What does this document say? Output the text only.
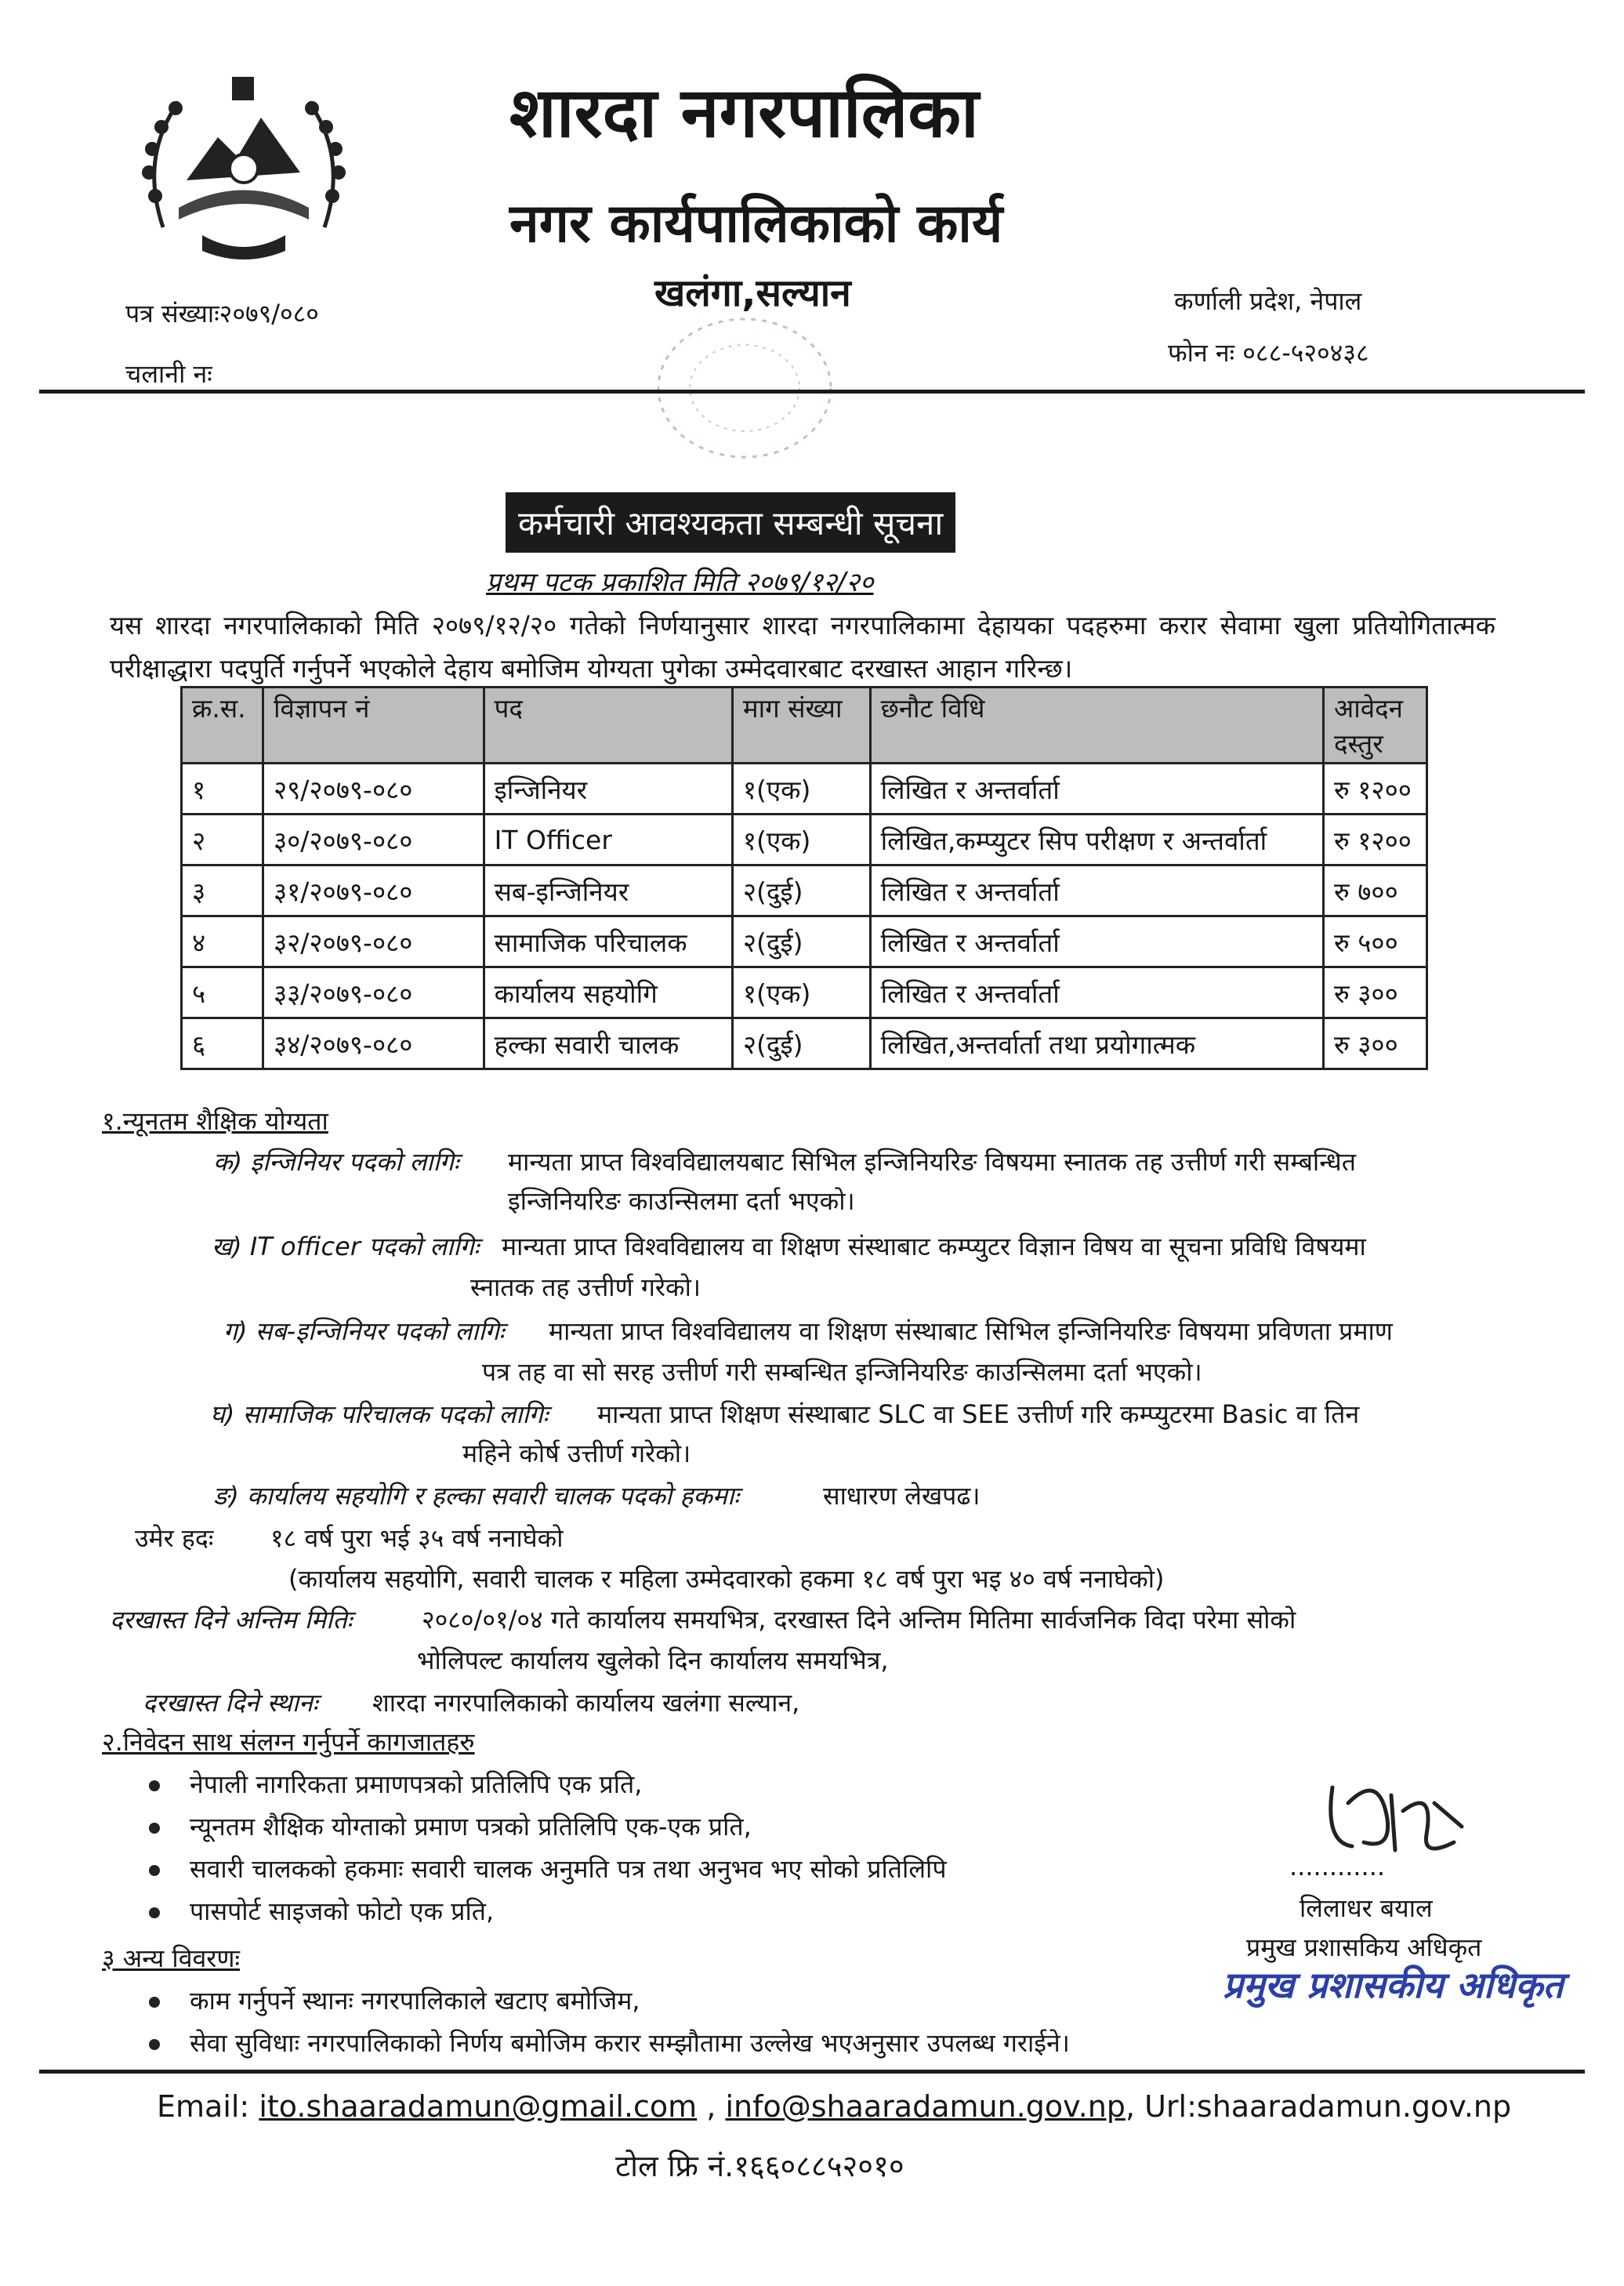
शारदा नगरपालिका
नगर कार्यपालिकाको कार्य
खलंगा,सल्यान
पत्र संख्याः२०७९/०८०
चलानी नः
कर्णाली प्रदेश, नेपाल
फोन नः ०८८-५२०४३८
कर्मचारी आवश्यकता सम्बन्धी सूचना
प्रथम पटक प्रकाशित मिति २०७९/१२/२०
यस शारदा नगरपालिकाको मिति २०७९/१२/२० गतेको निर्णयानुसार शारदा नगरपालिकामा देहायका पदहरुमा करार सेवामा खुला प्रतियोगितात्मक परीक्षाद्धारा पदपुर्ति गर्नुपर्ने भएकोले देहाय बमोजिम योग्यता पुगेका उम्मेदवारबाट दरखास्त आहान गरिन्छ।
क्र.स.	विज्ञापन नं	पद	माग संख्या	छनौट विधि	आवेदन दस्तुर
१	२९/२०७९-०८०	इन्जिनियर	१(एक)	लिखित र अन्तर्वार्ता	रु १२००
२	३०/२०७९-०८०	IT Officer	१(एक)	लिखित,कम्प्युटर सिप परीक्षण र अन्तर्वार्ता	रु १२००
३	३१/२०७९-०८०	सब-इन्जिनियर	२(दुई)	लिखित र अन्तर्वार्ता	रु ७००
४	३२/२०७९-०८०	सामाजिक परिचालक	२(दुई)	लिखित र अन्तर्वार्ता	रु ५००
५	३३/२०७९-०८०	कार्यालय सहयोगि	१(एक)	लिखित र अन्तर्वार्ता	रु ३००
६	३४/२०७९-०८०	हल्का सवारी चालक	२(दुई)	लिखित,अन्तर्वार्ता तथा प्रयोगात्मक	रु ३००
१.न्यूनतम शैक्षिक योग्यता
क) इन्जिनियर पदको लागिः मान्यता प्राप्त विश्वविद्यालयबाट सिभिल इन्जिनियरिङ विषयमा स्नातक तह उत्तीर्ण गरी सम्बन्धित
इन्जिनियरिङ काउन्सिलमा दर्ता भएको।
ख) IT officer पदको लागिः मान्यता प्राप्त विश्वविद्यालय वा शिक्षण संस्थाबाट कम्प्युटर विज्ञान विषय वा सूचना प्रविधि विषयमा
स्नातक तह उत्तीर्ण गरेको।
ग) सब-इन्जिनियर पदको लागिः मान्यता प्राप्त विश्वविद्यालय वा शिक्षण संस्थाबाट सिभिल इन्जिनियरिङ विषयमा प्रविणता प्रमाण
पत्र तह वा सो सरह उत्तीर्ण गरी सम्बन्धित इन्जिनियरिङ काउन्सिलमा दर्ता भएको।
घ) सामाजिक परिचालक पदको लागिः मान्यता प्राप्त शिक्षण संस्थाबाट SLC वा SEE उत्तीर्ण गरि कम्प्युटरमा Basic वा तिन
महिने कोर्ष उत्तीर्ण गरेको।
ङ) कार्यालय सहयोगि र हल्का सवारी चालक पदको हकमाः	साधारण लेखपढ।
उमेर हदः १८ वर्ष पुरा भई ३५ वर्ष ननाघेको
(कार्यालय सहयोगि, सवारी चालक र महिला उम्मेदवारको हकमा १८ वर्ष पुरा भइ ४० वर्ष ननाघेको)
दरखास्त दिने अन्तिम मितिः	२०८०/०१/०४ गते कार्यालय समयभित्र, दरखास्त दिने अन्तिम मितिमा सार्वजनिक विदा परेमा सोको
भोलिपल्ट कार्यालय खुलेको दिन कार्यालय समयभित्र,
दरखास्त दिने स्थानः शारदा नगरपालिकाको कार्यालय खलंगा सल्यान,
२.निवेदन साथ संलग्न गर्नुपर्ने कागजातहरु
नेपाली नागरिकता प्रमाणपत्रको प्रतिलिपि एक प्रति,
न्यूनतम शैक्षिक योग्ताको प्रमाण पत्रको प्रतिलिपि एक-एक प्रति,
सवारी चालकको हकमाः सवारी चालक अनुमति पत्र तथा अनुभव भए सोको प्रतिलिपि
पासपोर्ट साइजको फोटो एक प्रति,
३ अन्य विवरणः
काम गर्नुपर्ने स्थानः नगरपालिकाले खटाए बमोजिम,
सेवा सुविधाः नगरपालिकाको निर्णय बमोजिम करार सम्झौतामा उल्लेख भएअनुसार उपलब्ध गराईने।
............
लिलाधर बयाल
प्रमुख प्रशासकिय अधिकृत
प्रमुख प्रशासकीय अधिकृत
Email: ito.shaaradamun@gmail.com , info@shaaradamun.gov.np, Url:shaaradamun.gov.np
टोल फ्रि नं.१६६०८८५२०१०
